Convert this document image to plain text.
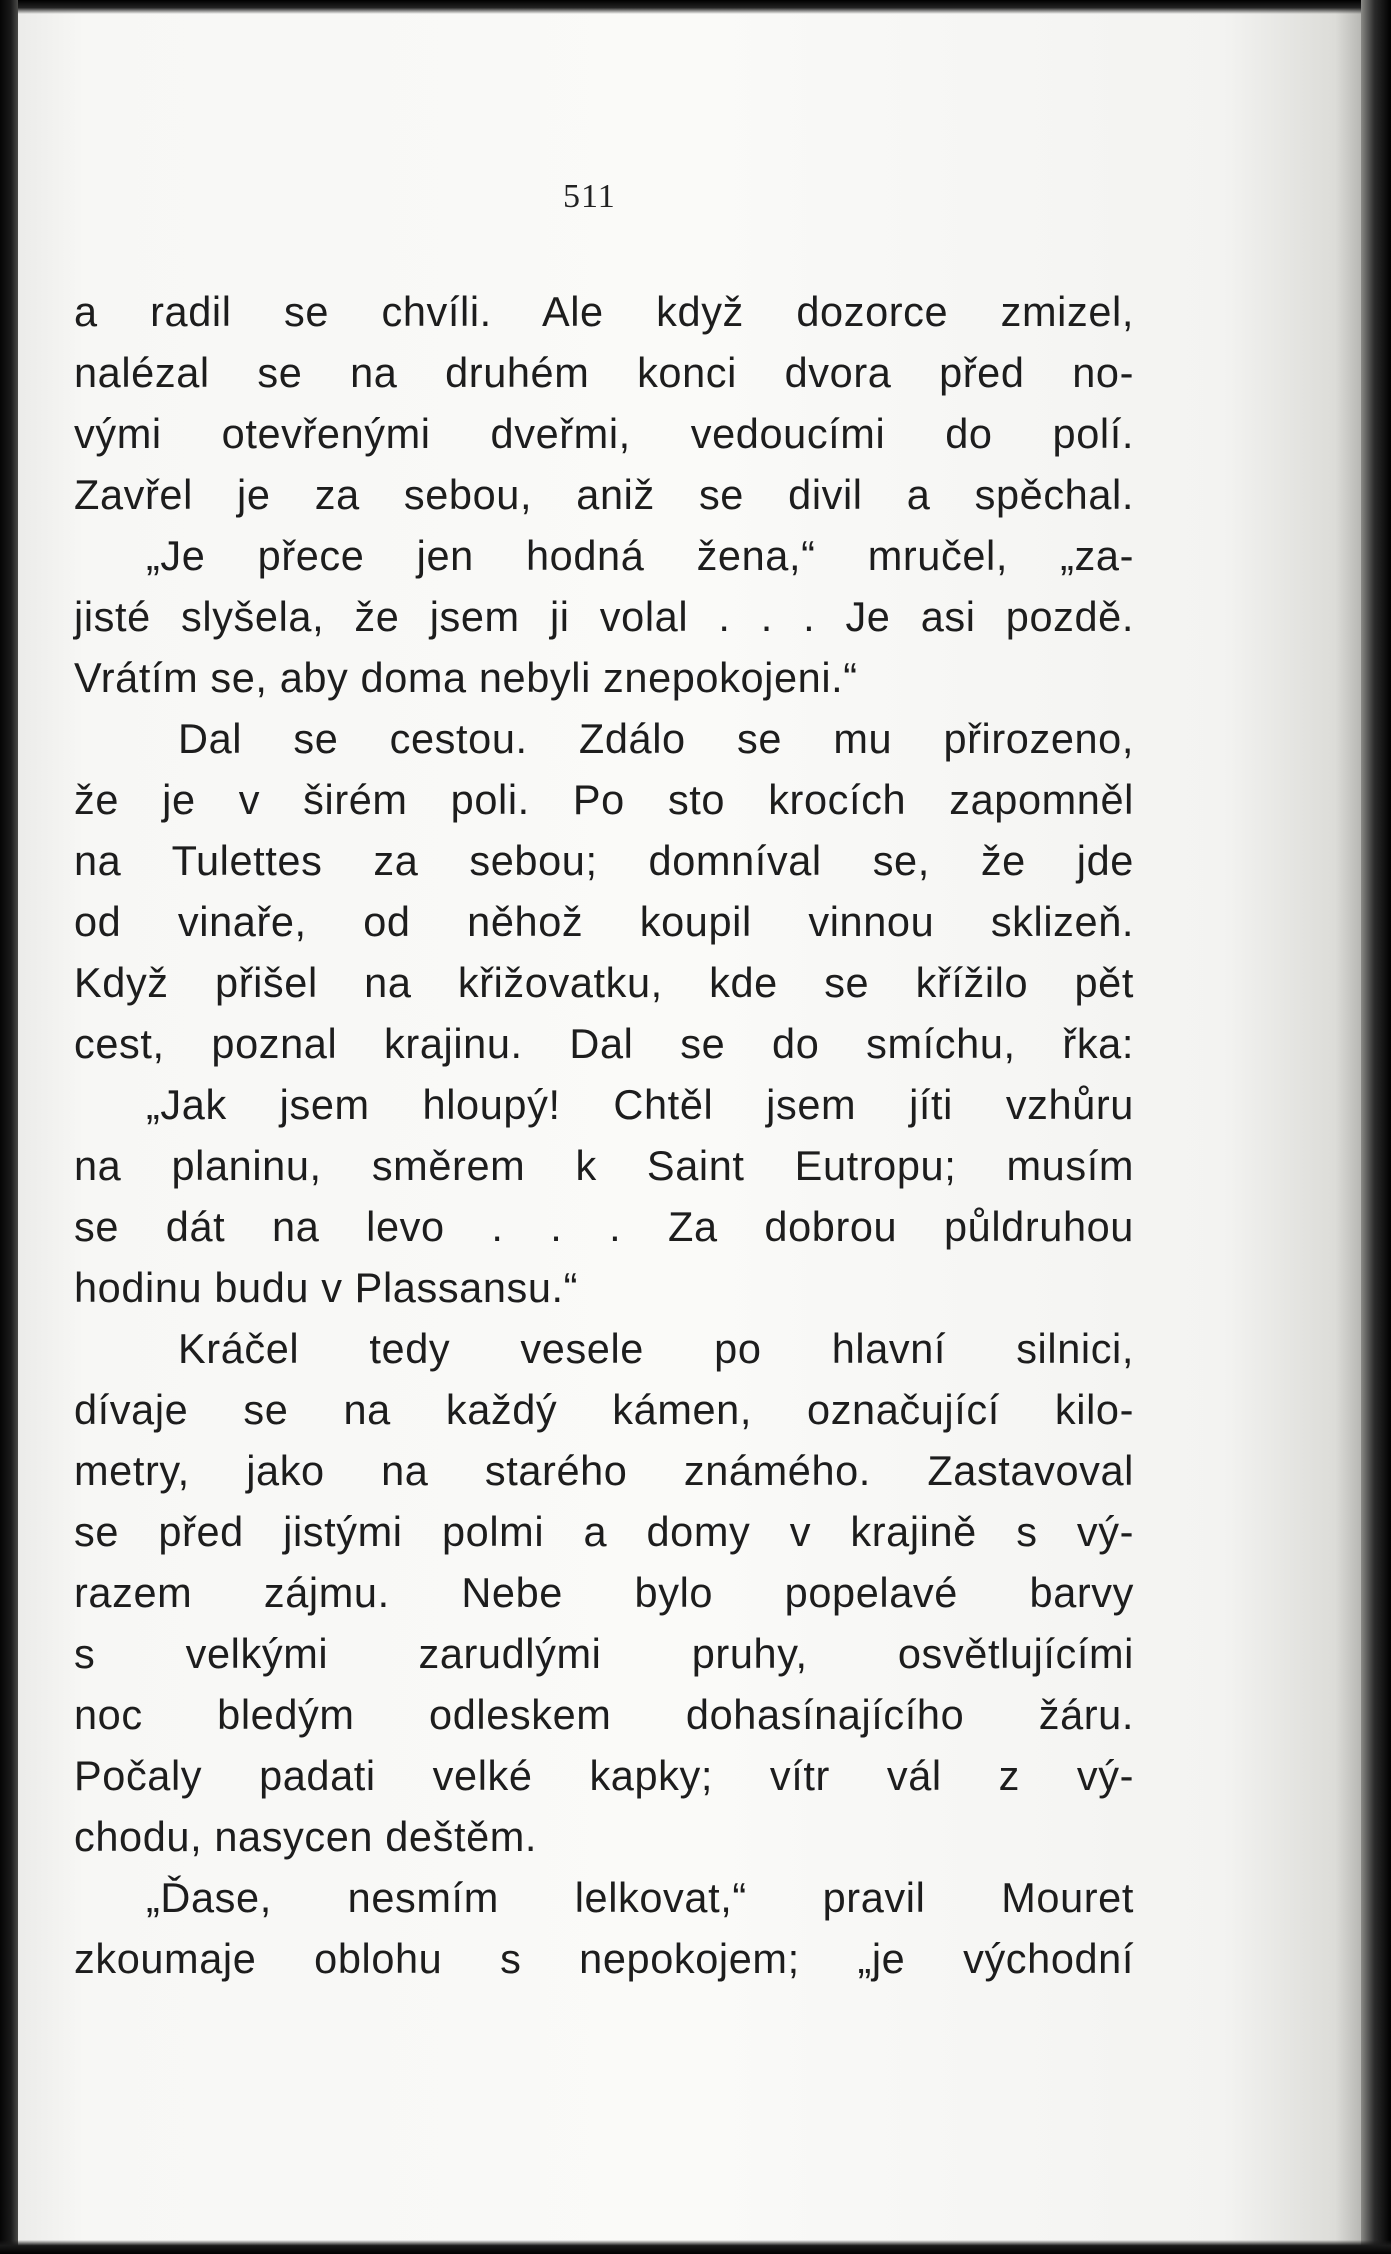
511
a radil se chvíli. Ale když dozorce zmizel,
nalézal se na druhém konci dvora před no-
vými otevřenými dveřmi, vedoucími do polí.
Zavřel je za sebou, aniž se divil a spěchal.
„Je přece jen hodná žena,“ mručel, „za-
jisté slyšela, že jsem ji volal . . . Je asi pozdě.
Vrátím se, aby doma nebyli znepokojeni.“
Dal se cestou. Zdálo se mu přirozeno,
že je v širém poli. Po sto krocích zapomněl
na Tulettes za sebou; domníval se, že jde
od vinaře, od něhož koupil vinnou sklizeň.
Když přišel na křižovatku, kde se křížilo pět
cest, poznal krajinu. Dal se do smíchu, řka:
„Jak jsem hloupý! Chtěl jsem jíti vzhůru
na planinu, směrem k Saint Eutropu; musím
se dát na levo . . . Za dobrou půldruhou
hodinu budu v Plassansu.“
Kráčel tedy vesele po hlavní silnici,
dívaje se na každý kámen, označující kilo-
metry, jako na starého známého. Zastavoval
se před jistými polmi a domy v krajině s vý-
razem zájmu. Nebe bylo popelavé barvy
s velkými zarudlými pruhy, osvětlujícími
noc bledým odleskem dohasínajícího žáru.
Počaly padati velké kapky; vítr vál z vý-
chodu, nasycen deštěm.
„Ďase, nesmím lelkovat,“ pravil Mouret
zkoumaje oblohu s nepokojem; „je východní
